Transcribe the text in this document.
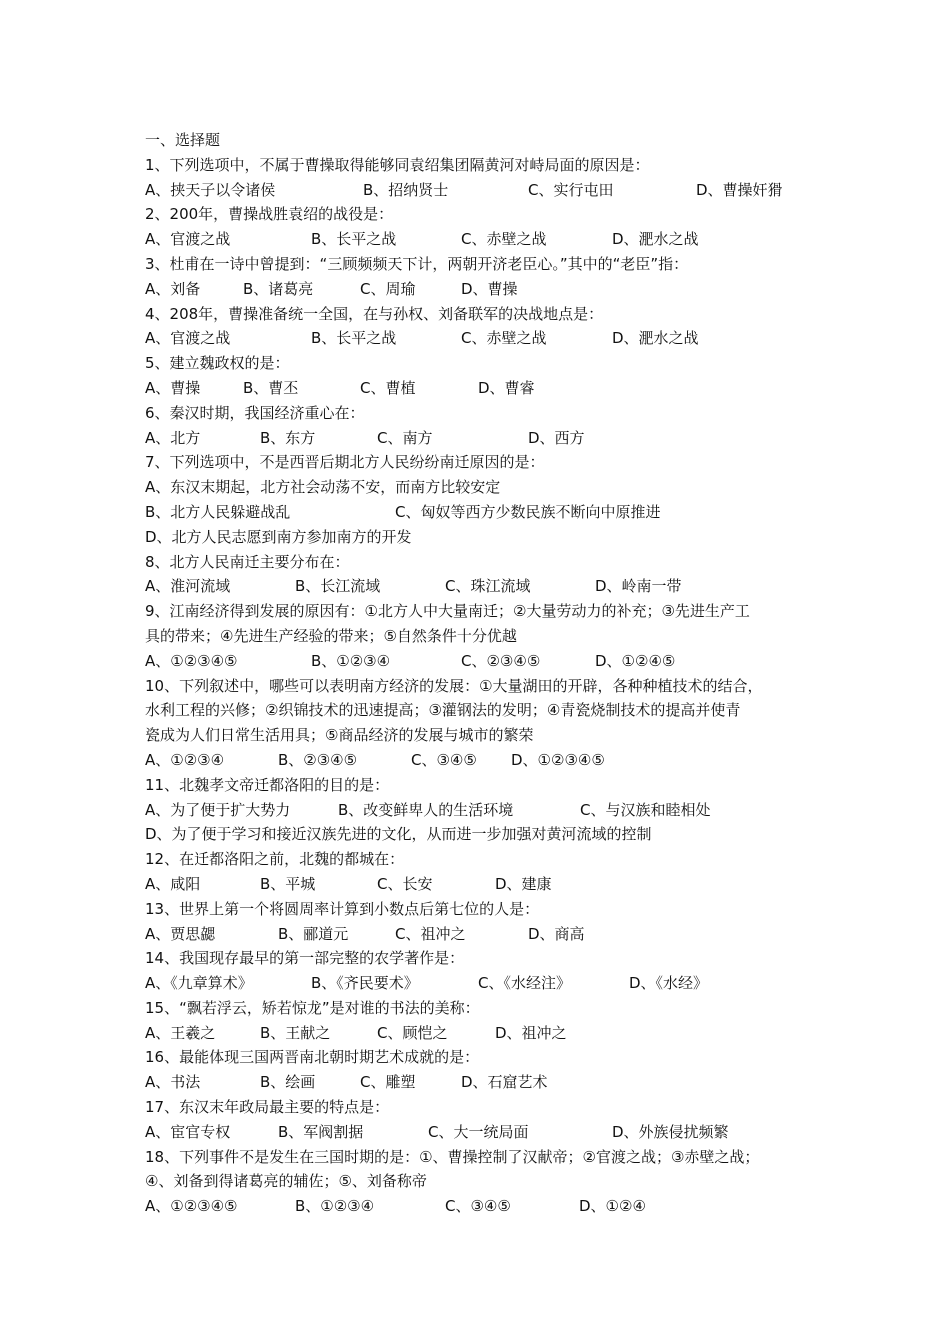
一、选择题
1、下列选项中，不属于曹操取得能够同袁绍集团隔黄河对峙局面的原因是：
A、挟天子以令诸侯	B、招纳贤士	C、实行屯田	D、曹操奸猾
2、200年，曹操战胜袁绍的战役是：
A、官渡之战	B、长平之战	C、赤壁之战	D、淝水之战
3、杜甫在一诗中曾提到：“三顾频频天下计，两朝开济老臣心。”其中的“老臣”指：
A、刘备	B、诸葛亮	C、周瑜	D、曹操
4、208年，曹操准备统一全国，在与孙权、刘备联军的决战地点是：
A、官渡之战	B、长平之战	C、赤壁之战	D、淝水之战
5、建立魏政权的是：
A、曹操	B、曹丕	C、曹植	D、曹睿
6、秦汉时期，我国经济重心在：
A、北方	B、东方	C、南方	D、西方
7、下列选项中，不是西晋后期北方人民纷纷南迁原因的是：
A、东汉末期起，北方社会动荡不安，而南方比较安定
B、北方人民躲避战乱	C、匈奴等西方少数民族不断向中原推进
D、北方人民志愿到南方参加南方的开发
8、北方人民南迁主要分布在：
A、淮河流域	B、长江流域	C、珠江流域	D、岭南一带
9、江南经济得到发展的原因有：①北方人中大量南迁；②大量劳动力的补充；③先进生产工
具的带来；④先进生产经验的带来；⑤自然条件十分优越
A、①②③④⑤	B、①②③④	C、②③④⑤	D、①②④⑤
10、下列叙述中，哪些可以表明南方经济的发展：①大量湖田的开辟，各种种植技术的结合，
水利工程的兴修；②织锦技术的迅速提高；③灌钢法的发明；④青瓷烧制技术的提高并使青
瓷成为人们日常生活用具；⑤商品经济的发展与城市的繁荣
A、①②③④	B、②③④⑤	C、③④⑤ D、①②③④⑤
11、北魏孝文帝迁都洛阳的目的是：
A、为了便于扩大势力	B、改变鲜卑人的生活环境	C、与汉族和睦相处
D、为了便于学习和接近汉族先进的文化，从而进一步加强对黄河流域的控制
12、在迁都洛阳之前，北魏的都城在：
A、咸阳	B、平城	C、长安	D、建康
13、世界上第一个将圆周率计算到小数点后第七位的人是：
A、贾思勰	B、郦道元	C、祖冲之	D、商高
14、我国现存最早的第一部完整的农学著作是：
A、《九章算术》	B、《齐民要术》	C、《水经注》	D、《水经》
15、“飘若浮云，矫若惊龙”是对谁的书法的美称：
A、王羲之	B、王献之	C、顾恺之	D、祖冲之
16、最能体现三国两晋南北朝时期艺术成就的是：
A、书法	B、绘画	C、雕塑	D、石窟艺术
17、东汉末年政局最主要的特点是：
A、宦官专权	B、军阀割据	C、大一统局面	D、外族侵扰频繁
18、下列事件不是发生在三国时期的是：①、曹操控制了汉献帝；②官渡之战；③赤壁之战；
④、刘备到得诸葛亮的辅佐；⑤、刘备称帝
A、①②③④⑤	B、①②③④	C、③④⑤	D、①②④
